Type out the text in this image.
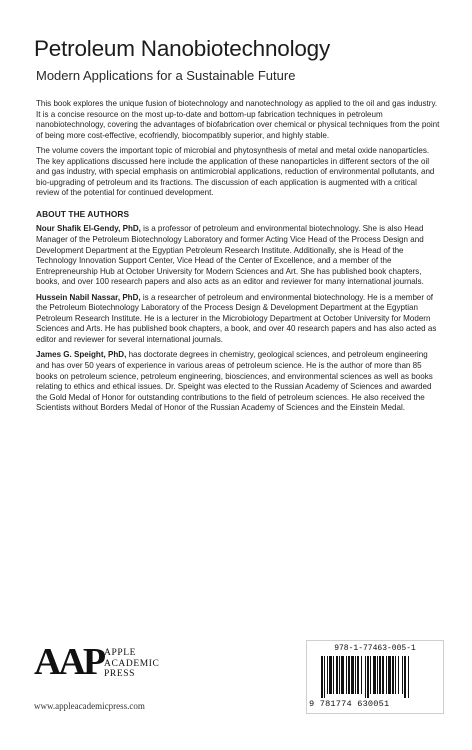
Petroleum Nanobiotechnology
Modern Applications for a Sustainable Future

This book explores the unique fusion of biotechnology and nanotechnology as applied to the oil and gas industry. It is a concise resource on the most up-to-date and bottom-up fabrication techniques in petroleum nanobiotechnology, covering the advantages of biofabrication over chemical or physical techniques from the point of being more cost-effective, ecofriendly, biocompatibly superior, and highly stable.

The volume covers the important topic of microbial and phytosynthesis of metal and metal oxide nanoparticles. The key applications discussed here include the application of these nanoparticles in different sectors of the oil and gas industry, with special emphasis on antimicrobial applications, reduction of environmental pollutants, and bio-upgrading of petroleum and its fractions. The discussion of each application is augmented with a critical review of the potential for continued development.

ABOUT THE AUTHORS

Nour Shafik El-Gendy, PhD, is a professor of petroleum and environmental biotechnology. She is also Head Manager of the Petroleum Biotechnology Laboratory and former Acting Vice Head of the Process Design and Development Department at the Egyptian Petroleum Research Institute. Additionally, she is Head of the Technology Innovation Support Center, Vice Head of the Center of Excellence, and a member of the Entrepreneurship Hub at October University for Modern Sciences and Art. She has published book chapters, books, and over 100 research papers and also acts as an editor and reviewer for many international journals.

Hussein Nabil Nassar, PhD, is a researcher of petroleum and environmental biotechnology. He is a member of the Petroleum Biotechnology Laboratory of the Process Design & Development Department at the Egyptian Petroleum Research Institute. He is a lecturer in the Microbiology Department at October University for Modern Sciences and Arts. He has published book chapters, a book, and over 40 research papers and has also acted as editor and reviewer for several international journals.

James G. Speight, PhD, has doctorate degrees in chemistry, geological sciences, and petroleum engineering and has over 50 years of experience in various areas of petroleum science. He is the author of more than 85 books on petroleum science, petroleum engineering, biosciences, and environmental sciences as well as books relating to ethics and ethical issues. Dr. Speight was elected to the Russian Academy of Sciences and awarded the Gold Medal of Honor for outstanding contributions to the field of petroleum sciences. He also received the Scientists without Borders Medal of Honor of the Russian Academy of Sciences and the Einstein Medal.

AAP APPLE
ACADEMIC
PRESS
www.appleacademicpress.com
978-1-77463-005-1
9 781774 630051
